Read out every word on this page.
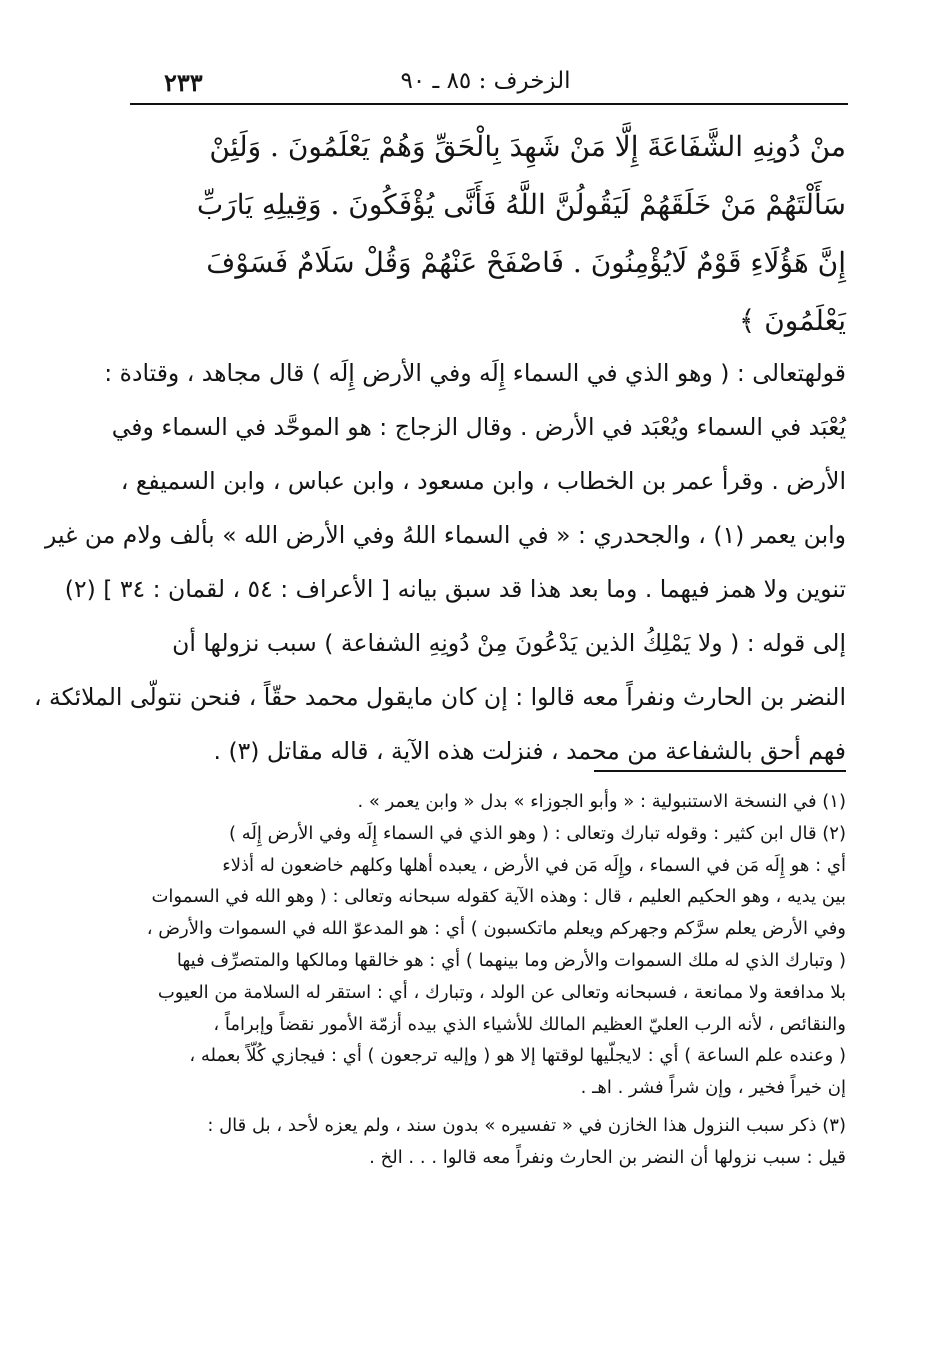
٢٣٣	الزخرف : ٨٥ ـ ٩٠
منْ دُونِهِ الشَّفَاعَةَ إِلَّا مَنْ شَهِدَ بِالْحَقِّ وَهُمْ يَعْلَمُونَ . وَلَئِنْ
سَأَلْتَهُمْ مَنْ خَلَقَهُمْ لَيَقُولُنَّ اللَّهُ فَأَنَّى يُؤْفَكُونَ . وَقِيلِهِ يَارَبِّ
إِنَّ هَؤُلَاءِ قَوْمٌ لَايُؤْمِنُونَ . فَاصْفَحْ عَنْهُمْ وَقُلْ سَلَامٌ فَسَوْفَ
يَعْلَمُونَ ﴾
قولهتعالى : ( وهو الذي في السماء إِلَه وفي الأرض إِلَه ) قال مجاهد ، وقتادة :
يُعْبَد في السماء ويُعْبَد في الأرض . وقال الزجاج : هو الموحَّد في السماء وفي
الأرض . وقرأ عمر بن الخطاب ، وابن مسعود ، وابن عباس ، وابن السميفع ،
وابن يعمر (١) ، والجحدري : « في السماء اللهُ وفي الأرض الله » بألف ولام من غير
تنوين ولا همز فيهما . وما بعد هذا قد سبق بيانه [ الأعراف : ٥٤ ، لقمان : ٣٤ ] (٢)
إلى قوله : ( ولا يَمْلِكُ الذين يَدْعُونَ مِنْ دُونِهِ الشفاعة ) سبب نزولها أن
النضر بن الحارث ونفراً معه قالوا : إن كان مايقول محمد حقّاً ، فنحن نتولّى الملائكة ،
فهم أحق بالشفاعة من محمد ، فنزلت هذه الآية ، قاله مقاتل (٣) .
(١) في النسخة الاستنبولية : « وأبو الجوزاء » بدل « وابن يعمر » .
(٢) قال ابن كثير : وقوله تبارك وتعالى : ( وهو الذي في السماء إِلَه وفي الأرض إِلَه )
أي : هو إِلَه مَن في السماء ، وإِلَه مَن في الأرض ، يعبده أهلها وكلهم خاضعون له أذلاء
بين يديه ، وهو الحكيم العليم ، قال : وهذه الآية كقوله سبحانه وتعالى : ( وهو الله في السموات
وفي الأرض يعلم سرَّكم وجهركم ويعلم ماتكسبون ) أي : هو المدعوّ الله في السموات والأرض ،
( وتبارك الذي له ملك السموات والأرض وما بينهما ) أي : هو خالقها ومالكها والمتصرِّف فيها
بلا مدافعة ولا ممانعة ، فسبحانه وتعالى عن الولد ، وتبارك ، أي : استقر له السلامة من العيوب
والنقائص ، لأنه الرب العليّ العظيم المالك للأشياء الذي بيده أزمّة الأمور نقضاً وإبراماً ،
( وعنده علم الساعة ) أي : لايجلّيها لوقتها إلا هو ( وإليه ترجعون ) أي : فيجازي كُلّاً بعمله ،
إن خيراً فخير ، وإن شراً فشر . اهـ .
(٣) ذكر سبب النزول هذا الخازن في « تفسيره » بدون سند ، ولم يعزه لأحد ، بل قال :
قيل : سبب نزولها أن النضر بن الحارث ونفراً معه قالوا . . . الخ .
